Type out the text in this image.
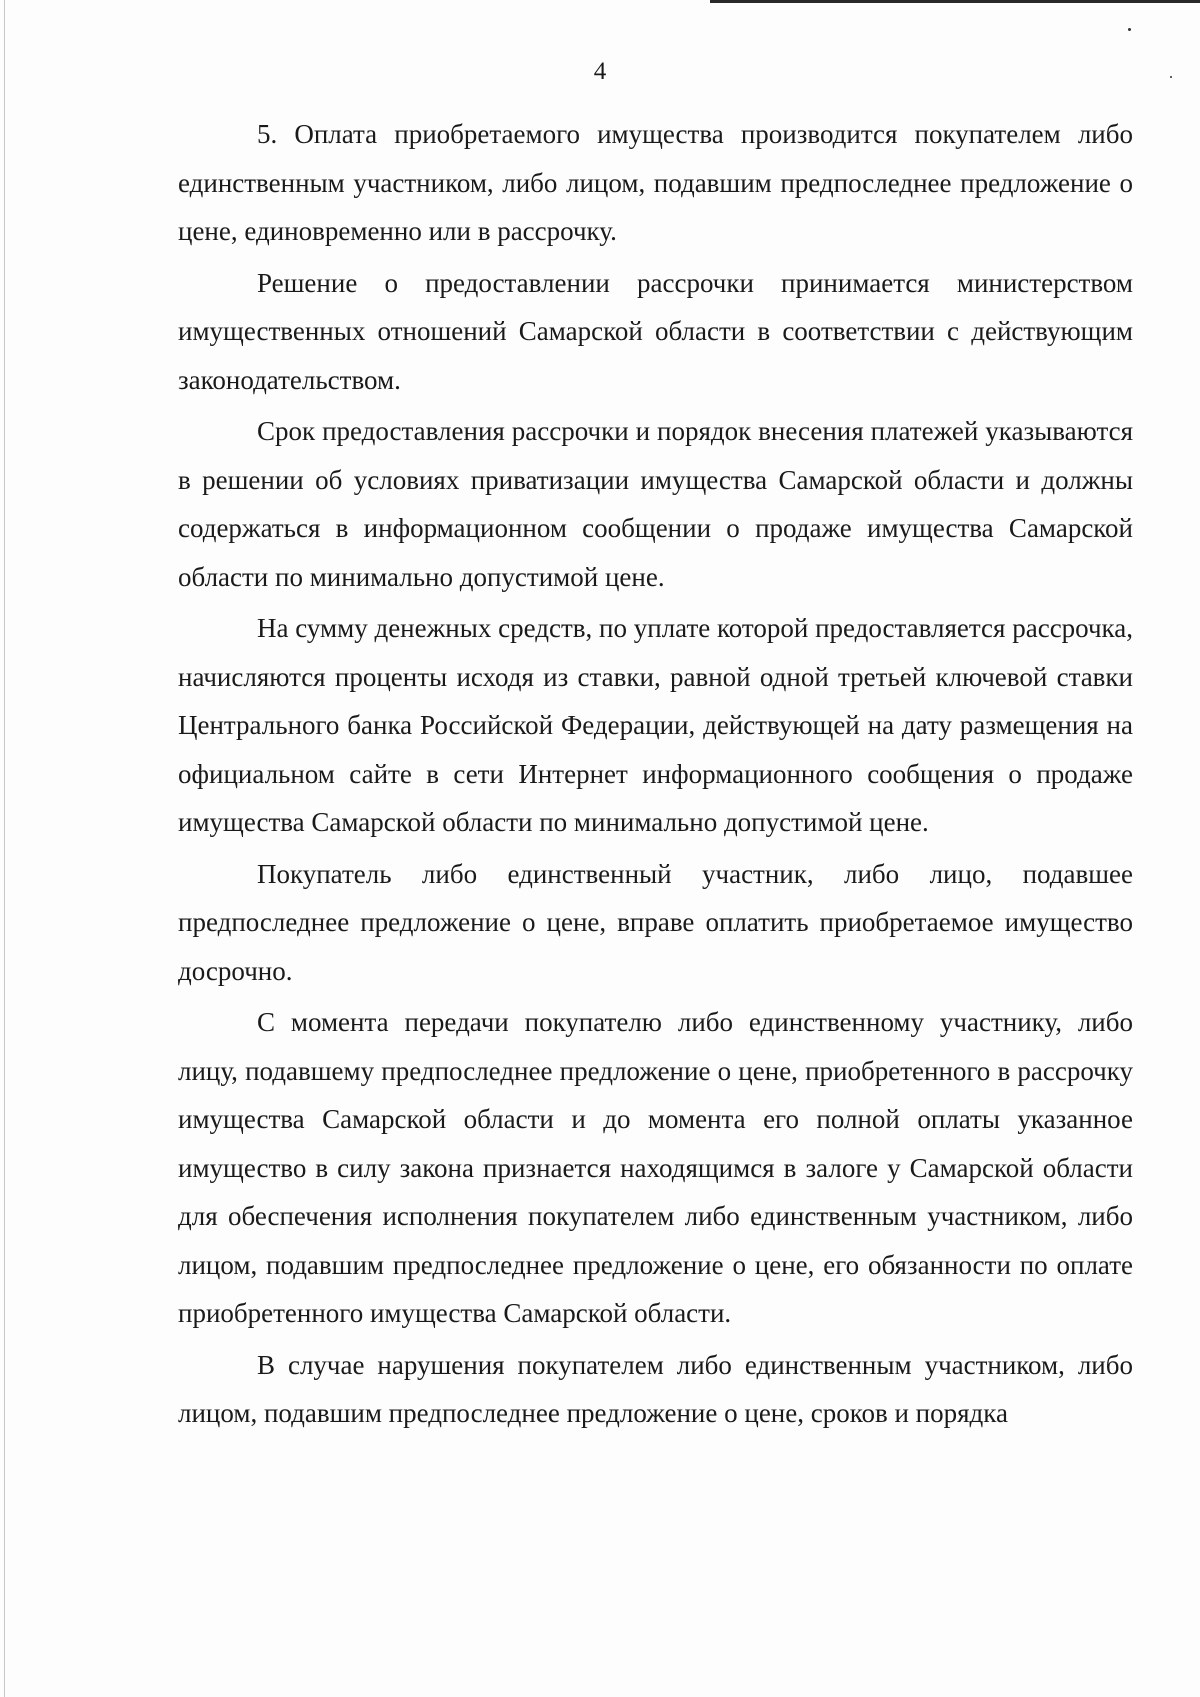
4

5. Оплата приобретаемого имущества производится покупателем либо единственным участником, либо лицом, подавшим предпоследнее предложение о цене, единовременно или в рассрочку.

Решение о предоставлении рассрочки принимается министерством имущественных отношений Самарской области в соответствии с действующим законодательством.

Срок предоставления рассрочки и порядок внесения платежей указываются в решении об условиях приватизации имущества Самарской области и должны содержаться в информационном сообщении о продаже имущества Самарской области по минимально допустимой цене.

На сумму денежных средств, по уплате которой предоставляется рассрочка, начисляются проценты исходя из ставки, равной одной третьей ключевой ставки Центрального банка Российской Федерации, действующей на дату размещения на официальном сайте в сети Интернет информационного сообщения о продаже имущества Самарской области по минимально допустимой цене.

Покупатель либо единственный участник, либо лицо, подавшее предпоследнее предложение о цене, вправе оплатить приобретаемое имущество досрочно.

С момента передачи покупателю либо единственному участнику, либо лицу, подавшему предпоследнее предложение о цене, приобретенного в рассрочку имущества Самарской области и до момента его полной оплаты указанное имущество в силу закона признается находящимся в залоге у Самарской области для обеспечения исполнения покупателем либо единственным участником, либо лицом, подавшим предпоследнее предложение о цене, его обязанности по оплате приобретенного имущества Самарской области.

В случае нарушения покупателем либо единственным участником, либо лицом, подавшим предпоследнее предложение о цене, сроков и порядка
